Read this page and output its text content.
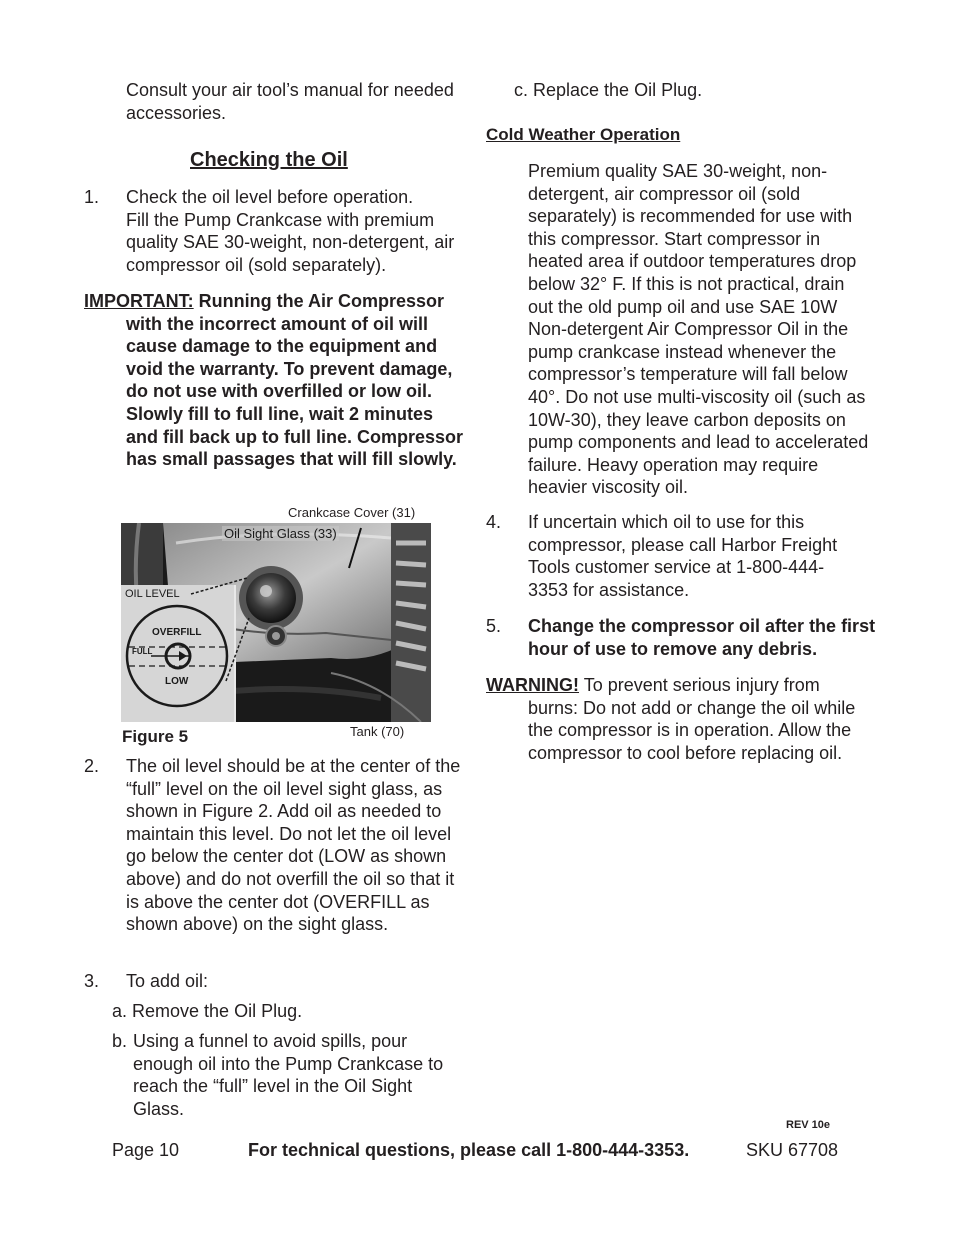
Consult your air tool’s manual for needed accessories.
Checking the Oil
1. Check the oil level before operation.
Fill the Pump Crankcase with premium quality SAE 30-weight, non-detergent, air compressor oil (sold separately).
IMPORTANT: Running the Air Compressor
with the incorrect amount of oil will cause damage to the equipment and void the warranty. To prevent damage, do not use with overfilled or low oil. Slowly fill to full line, wait 2 minutes and fill back up to full line. Compressor has small passages that will fill slowly.
Crankcase Cover (31)
OIL LEVEL
OVERFILL
FULL
LOW
Oil Sight Glass (33)
Figure 5	Tank (70)
2. The oil level should be at the center of the “full” level on the oil level sight glass, as shown in Figure 2. Add oil as needed to maintain this level. Do not let the oil level go below the center dot (LOW as shown above) and do not overfill the oil so that it is above the center dot (OVERFILL as shown above) on the sight glass.
3. To add oil:
a. Remove the Oil Plug.
b. Using a funnel to avoid spills, pour enough oil into the Pump Crankcase to reach the “full” level in the Oil Sight Glass.
c. Replace the Oil Plug.
Cold Weather Operation
Premium quality SAE 30-weight, non-detergent, air compressor oil (sold separately) is recommended for use with this compressor. Start compressor in heated area if outdoor temperatures drop below 32° F. If this is not practical, drain out the old pump oil and use SAE 10W Non-detergent Air Compressor Oil in the pump crankcase instead whenever the compressor’s temperature will fall below 40°. Do not use multi-viscosity oil (such as 10W-30), they leave carbon deposits on pump components and lead to accelerated failure. Heavy operation may require heavier viscosity oil.
4. If uncertain which oil to use for this compressor, please call Harbor Freight Tools customer service at 1-800-444-3353 for assistance.
5. Change the compressor oil after the first hour of use to remove any debris.
WARNING! To prevent serious injury from
burns: Do not add or change the oil while the compressor is in operation. Allow the compressor to cool before replacing oil.
REV 10e
Page 10	For technical questions, please call 1-800-444-3353.	SKU 67708
